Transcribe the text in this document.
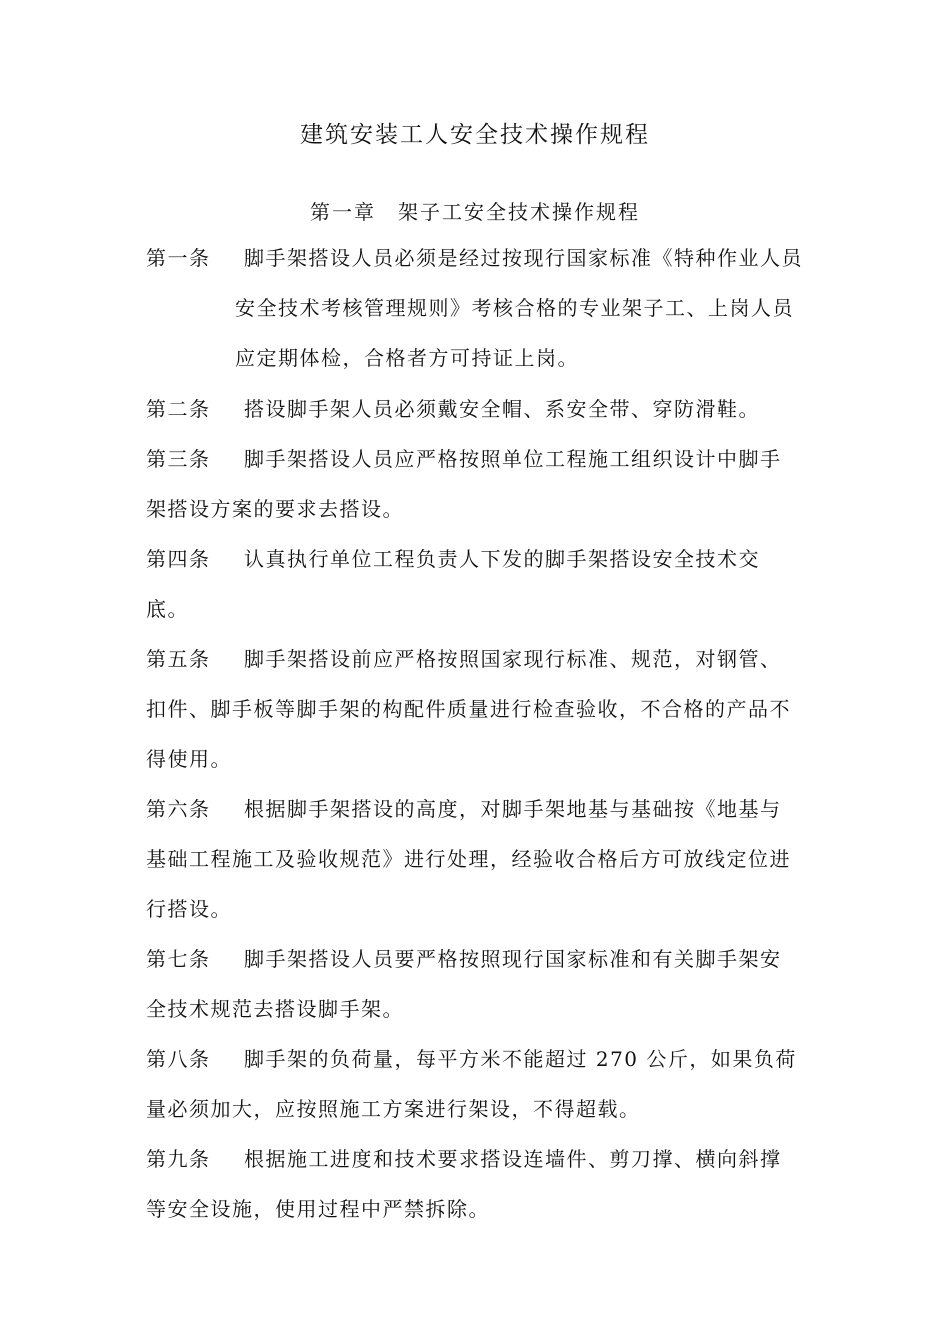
建筑安装工人安全技术操作规程
第一章　架子工安全技术操作规程
第一条 脚手架搭设人员必须是经过按现行国家标准《特种作业人员
安全技术考核管理规则》考核合格的专业架子工、上岗人员
应定期体检，合格者方可持证上岗。
第二条 搭设脚手架人员必须戴安全帽、系安全带、穿防滑鞋。
第三条 脚手架搭设人员应严格按照单位工程施工组织设计中脚手
架搭设方案的要求去搭设。
第四条 认真执行单位工程负责人下发的脚手架搭设安全技术交
底。
第五条 脚手架搭设前应严格按照国家现行标准、规范，对钢管、
扣件、脚手板等脚手架的构配件质量进行检查验收，不合格的产品不
得使用。
第六条 根据脚手架搭设的高度，对脚手架地基与基础按《地基与
基础工程施工及验收规范》进行处理，经验收合格后方可放线定位进
行搭设。
第七条 脚手架搭设人员要严格按照现行国家标准和有关脚手架安
全技术规范去搭设脚手架。
第八条 脚手架的负荷量，每平方米不能超过 270 公斤，如果负荷
量必须加大，应按照施工方案进行架设，不得超载。
第九条 根据施工进度和技术要求搭设连墙件、剪刀撑、横向斜撑
等安全设施，使用过程中严禁拆除。
